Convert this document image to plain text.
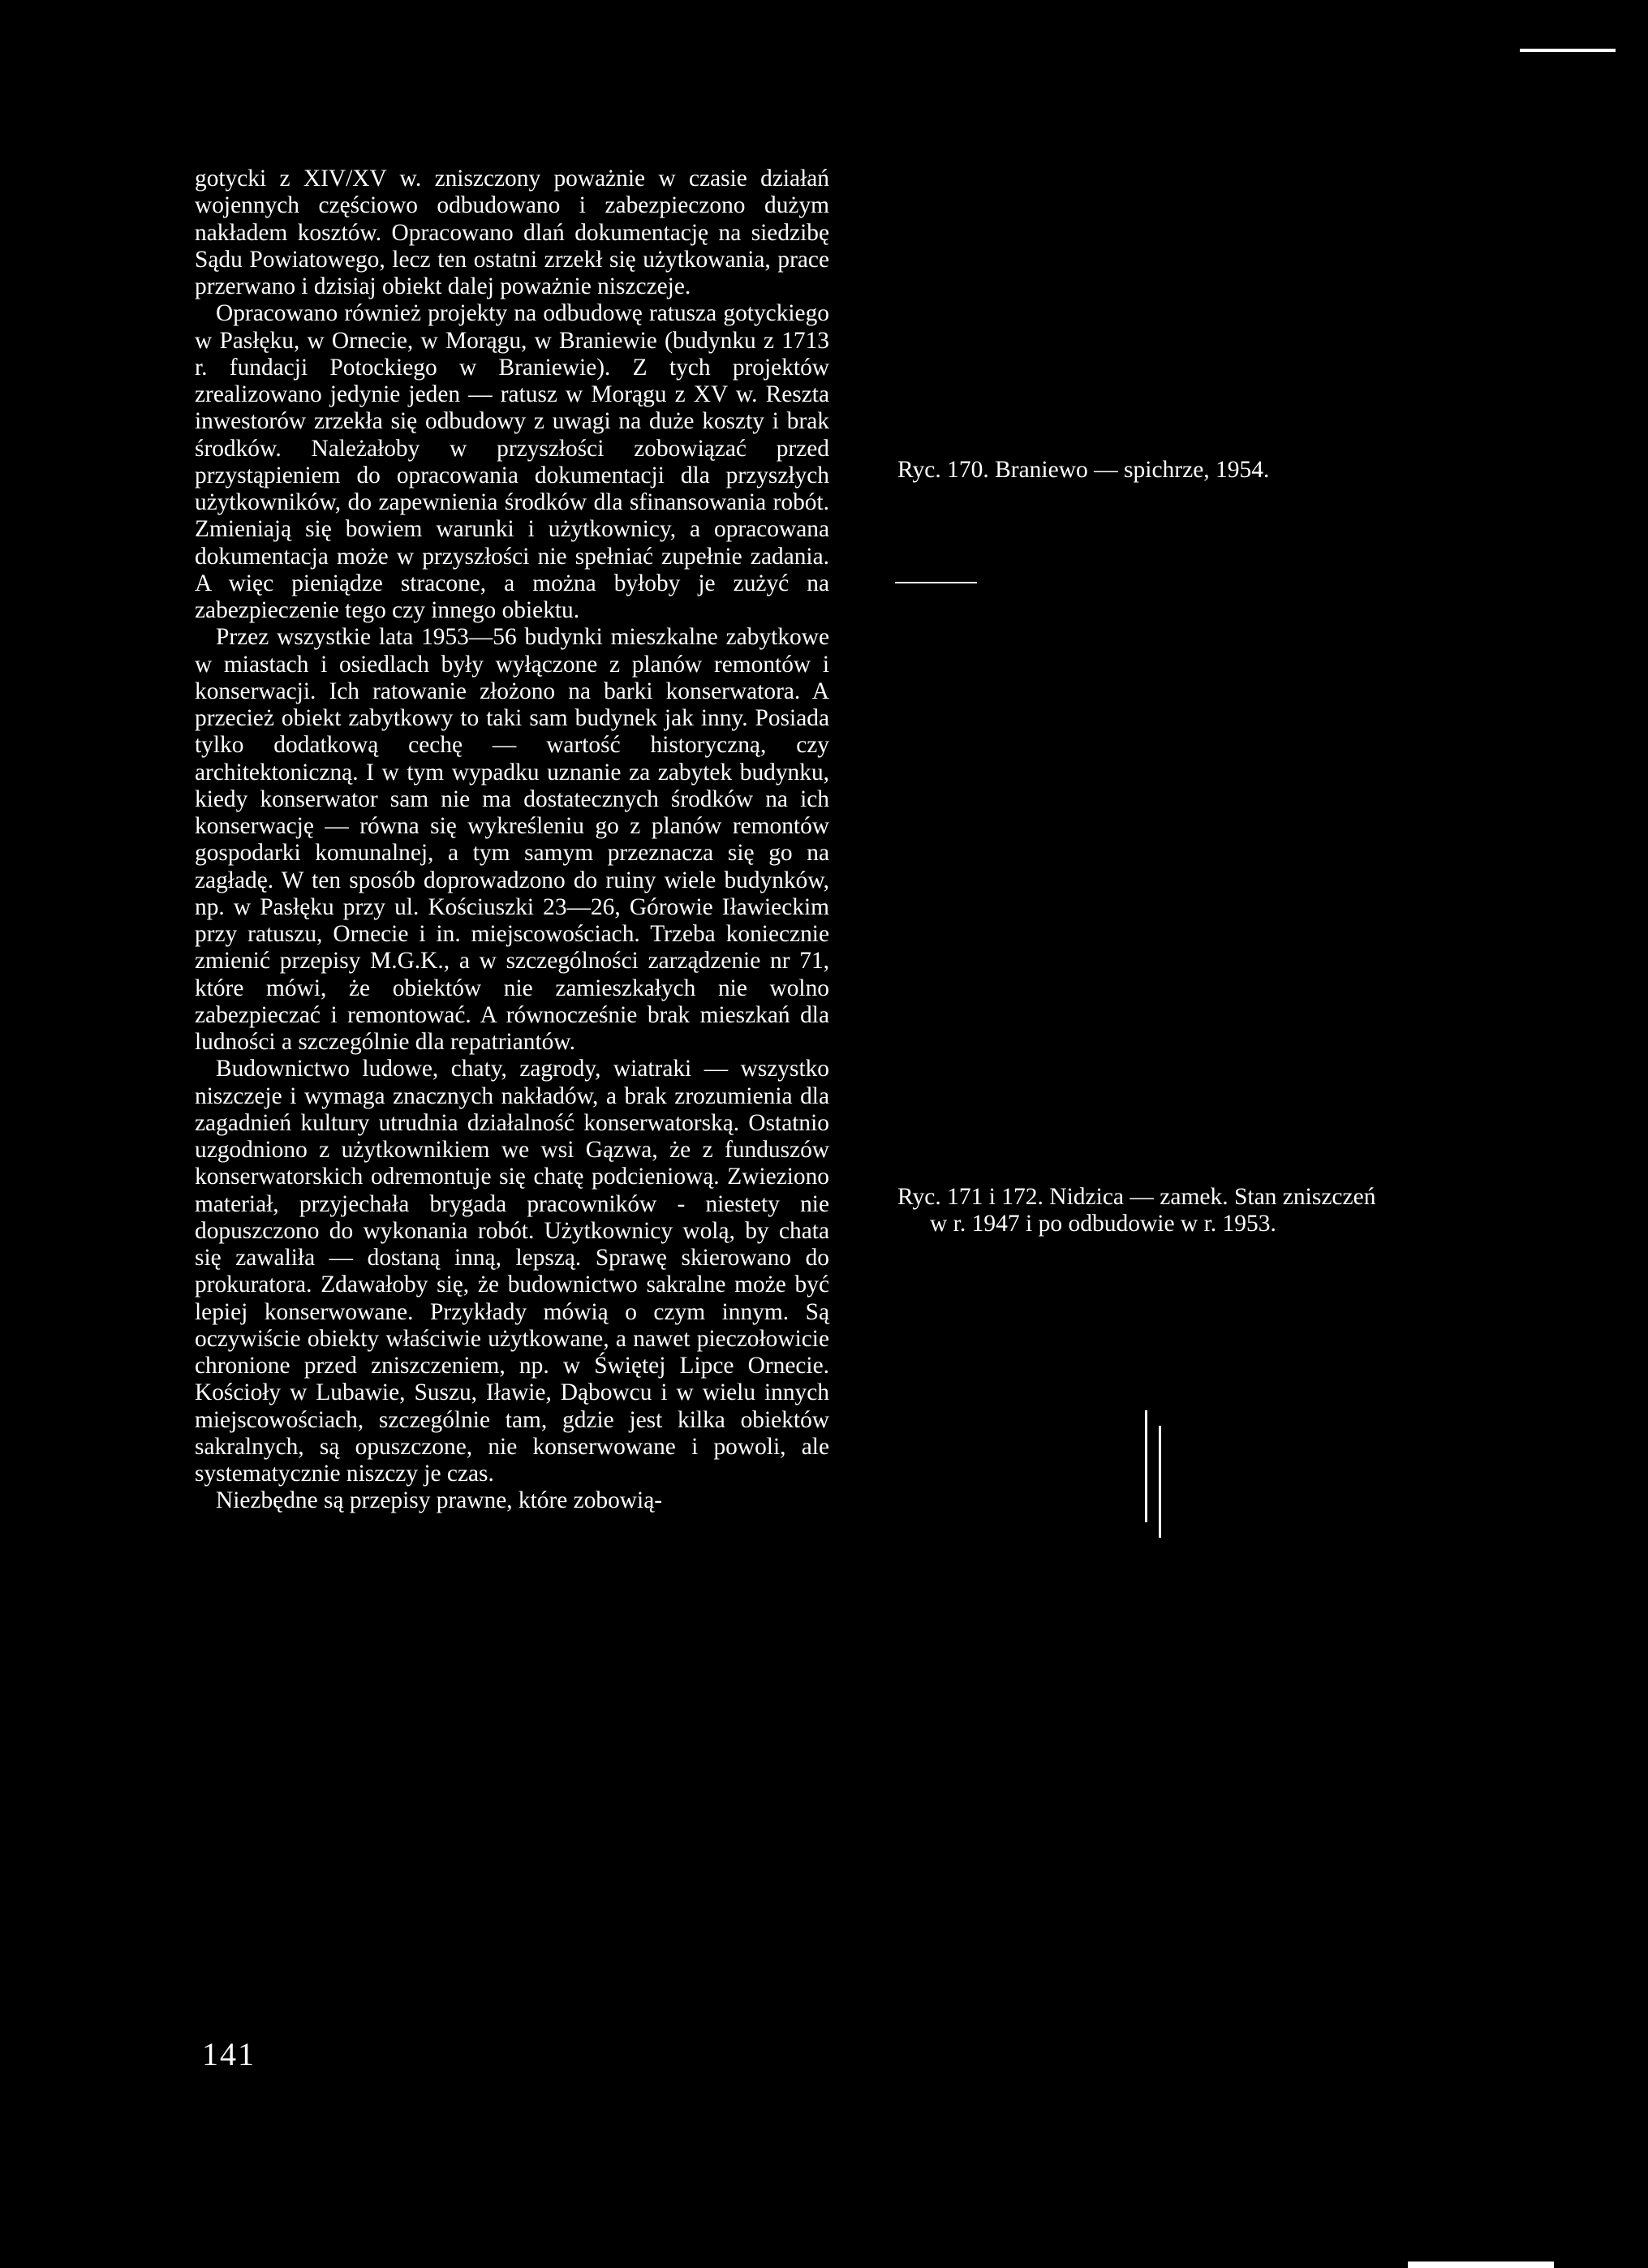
gotycki z XIV/XV w. zniszczony poważnie w czasie działań wojennych częściowo odbudowano i zabezpieczono dużym nakładem kosztów. Opracowano dlań dokumentację na siedzibę Sądu Powiatowego, lecz ten ostatni zrzekł się użytkowania, prace przerwano i dzisiaj obiekt dalej poważnie niszczeje.

Opracowano również projekty na odbudowę ratusza gotyckiego w Pasłęku, w Ornecie, w Morągu, w Braniewie (budynku z 1713 r. fundacji Potockiego w Braniewie). Z tych projektów zrealizowano jedynie jeden — ratusz w Morągu z XV w. Reszta inwestorów zrzekła się odbudowy z uwagi na duże koszty i brak środków. Należałoby w przyszłości zobowiązać przed przystąpieniem do opracowania dokumentacji dla przyszłych użytkowników, do zapewnienia środków dla sfinansowania robót. Zmieniają się bowiem warunki i użytkownicy, a opracowana dokumentacja może w przyszłości nie spełniać zupełnie zadania. A więc pieniądze stracone, a można byłoby je zużyć na zabezpieczenie tego czy innego obiektu.

Przez wszystkie lata 1953—56 budynki mieszkalne zabytkowe w miastach i osiedlach były wyłączone z planów remontów i konserwacji. Ich ratowanie złożono na barki konserwatora. A przecież obiekt zabytkowy to taki sam budynek jak inny. Posiada tylko dodatkową cechę — wartość historyczną, czy architektoniczną. I w tym wypadku uznanie za zabytek budynku, kiedy konserwator sam nie ma dostatecznych środków na ich konserwację — równa się wykreśleniu go z planów remontów gospodarki komunalnej, a tym samym przeznacza się go na zagładę. W ten sposób doprowadzono do ruiny wiele budynków, np. w Pasłęku przy ul. Kościuszki 23—26, Górowie Iławieckim przy ratuszu, Ornecie i in. miejscowościach. Trzeba koniecznie zmienić przepisy M.G.K., a w szczególności zarządzenie nr 71, które mówi, że obiektów nie zamieszkałych nie wolno zabezpieczać i remontować. A równocześnie brak mieszkań dla ludności a szczególnie dla repatriantów.

Budownictwo ludowe, chaty, zagrody, wiatraki — wszystko niszczeje i wymaga znacznych nakładów, a brak zrozumienia dla zagadnień kultury utrudnia działalność konserwatorską. Ostatnio uzgodniono z użytkownikiem we wsi Gązwa, że z funduszów konserwatorskich odremontuje się chatę podcieniową. Zwieziono materiał, przyjechała brygada pracowników - niestety nie dopuszczono do wykonania robót. Użytkownicy wolą, by chata się zawaliła — dostaną inną, lepszą. Sprawę skierowano do prokuratora. Zdawałoby się, że budownictwo sakralne może być lepiej konserwowane. Przykłady mówią o czym innym. Są oczywiście obiekty właściwie użytkowane, a nawet pieczołowicie chronione przed zniszczeniem, np. w Świętej Lipce Ornecie. Kościoły w Lubawie, Suszu, Iławie, Dąbowcu i w wielu innych miejscowościach, szczególnie tam, gdzie jest kilka obiektów sakralnych, są opuszczone, nie konserwowane i powoli, ale systematycznie niszczy je czas.

Niezbędne są przepisy prawne, które zobowią-

Ryc. 170. Braniewo — spichrze, 1954.
Ryc. 171 i 172. Nidzica — zamek. Stan zniszczeń
w r. 1947 i po odbudowie w r. 1953.
141
